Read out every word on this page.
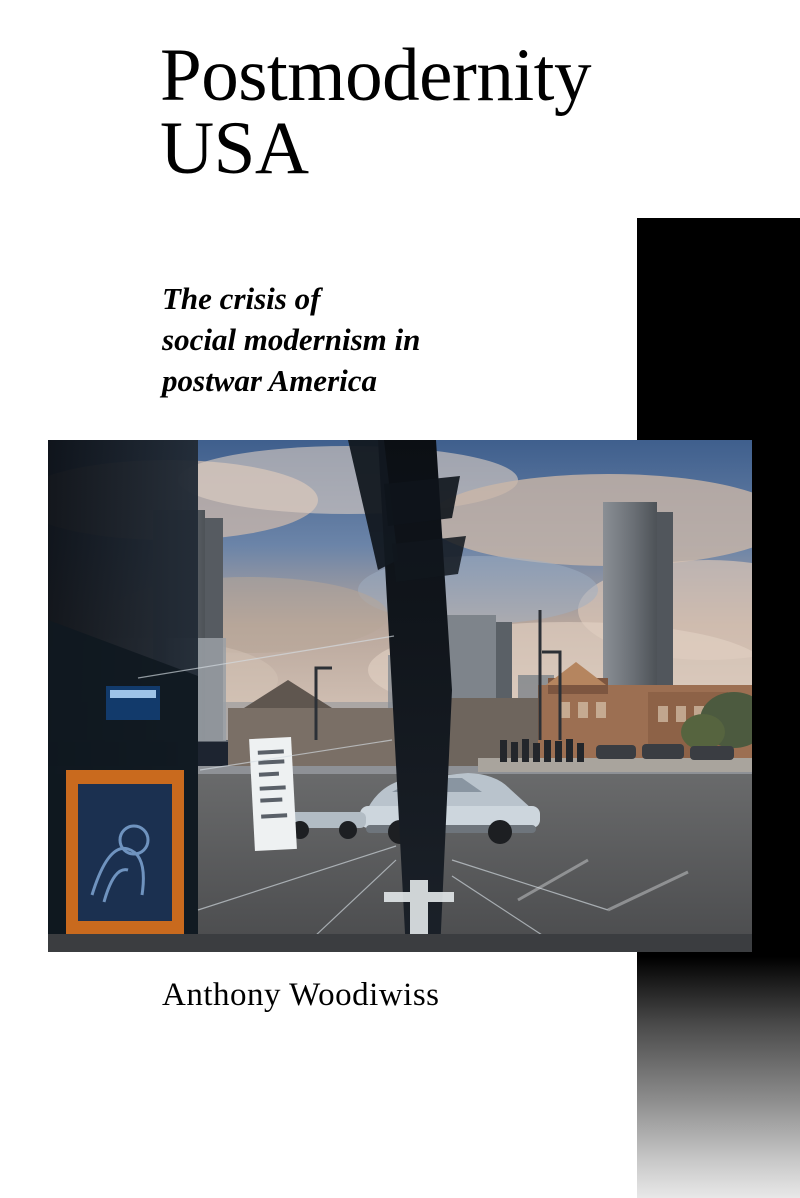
Postmodernity
USA
The crisis of
social modernism in
postwar America
Anthony Woodiwiss
